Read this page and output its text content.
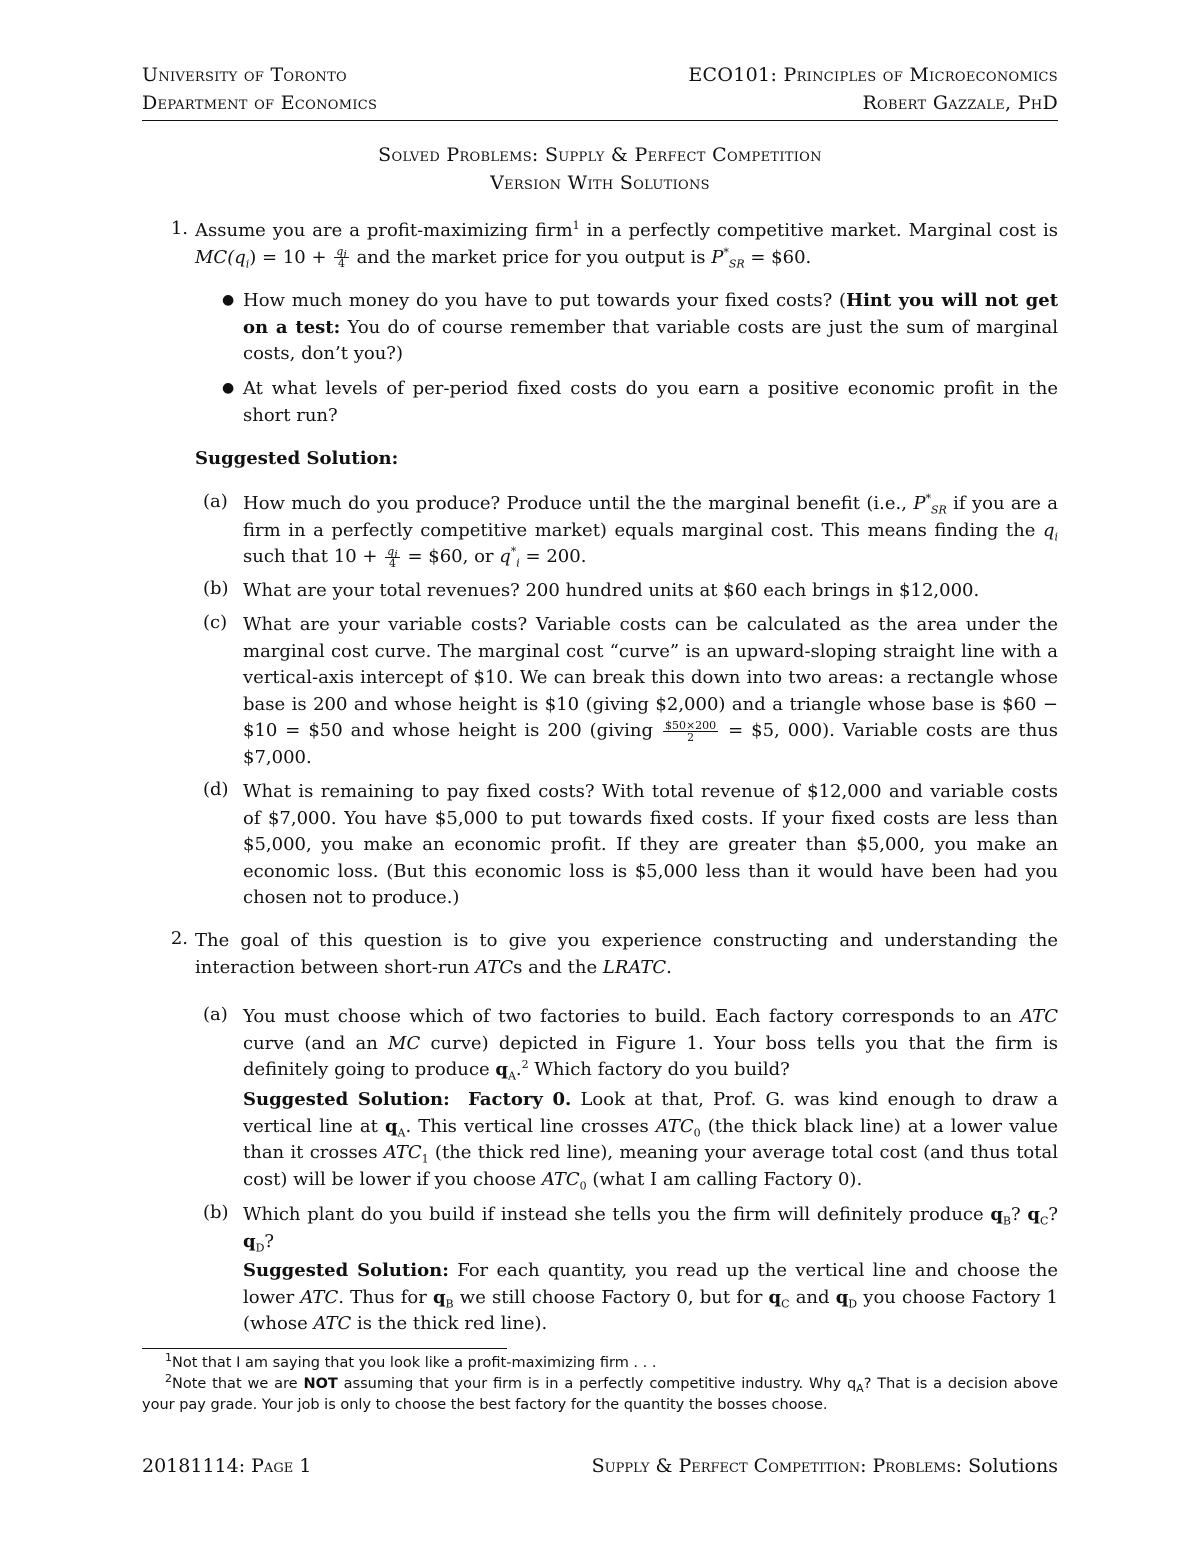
University of Toronto
Department of Economics
ECO101: Principles of Microeconomics
Robert Gazzale, PhD
Solved Problems: Supply & Perfect Competition
Version With Solutions
1. Assume you are a profit-maximizing firm$^1$ in a perfectly competitive market. Marginal cost is $MC(q_i) = 10 + \frac{q_i}{4}$ and the market price for you output is $P^*_{SR}$ = $60.
● How much money do you have to put towards your fixed costs? (Hint you will not get on a test: You do of course remember that variable costs are just the sum of marginal costs, don’t you?)
● At what levels of per-period fixed costs do you earn a positive economic profit in the short run?
Suggested Solution:
(a) How much do you produce? Produce until the the marginal benefit (i.e., $P^*_{SR}$ if you are a firm in a perfectly competitive market) equals marginal cost. This means finding the $q_i$ such that $10 + \frac{q_i}{4}$ = $60, or $q^*_i = 200$.
(b) What are your total revenues? 200 hundred units at $60 each brings in $12,000.
(c) What are your variable costs? Variable costs can be calculated as the area under the marginal cost curve. The marginal cost “curve” is an upward-sloping straight line with a vertical-axis intercept of $10. We can break this down into two areas: a rectangle whose base is 200 and whose height is $10 (giving $2,000) and a triangle whose base is $60 − $10 = $50 and whose height is 200 (giving $\frac{\$50\times 200}{2}$ = $5, 000). Variable costs are thus $7,000.
(d) What is remaining to pay fixed costs? With total revenue of $12,000 and variable costs of $7,000. You have $5,000 to put towards fixed costs. If your fixed costs are less than $5,000, you make an economic profit. If they are greater than $5,000, you make an economic loss. (But this economic loss is $5,000 less than it would have been had you chosen not to produce.)
2. The goal of this question is to give you experience constructing and understanding the interaction between short-run ATCs and the LRATC.
(a) You must choose which of two factories to build. Each factory corresponds to an ATC curve (and an MC curve) depicted in Figure 1. Your boss tells you that the firm is definitely going to produce $q_A.^2$ Which factory do you build?
Suggested Solution: Factory 0. Look at that, Prof. G. was kind enough to draw a vertical line at $q_A$. This vertical line crosses $ATC_0$ (the thick black line) at a lower value than it crosses $ATC_1$ (the thick red line), meaning your average total cost (and thus total cost) will be lower if you choose $ATC_0$ (what I am calling Factory 0).
(b) Which plant do you build if instead she tells you the firm will definitely produce $q_B$? $q_C$? $q_D$?
Suggested Solution: For each quantity, you read up the vertical line and choose the lower ATC. Thus for $q_B$ we still choose Factory 0, but for $q_C$ and $q_D$ you choose Factory 1 (whose ATC is the thick red line).
$^1$Not that I am saying that you look like a profit-maximizing firm . . .
$^2$Note that we are NOT assuming that your firm is in a perfectly competitive industry. Why $q_A$? That is a decision above your pay grade. Your job is only to choose the best factory for the quantity the bosses choose.
20181114: Page 1	Supply & Perfect Competition: Problems: Solutions
